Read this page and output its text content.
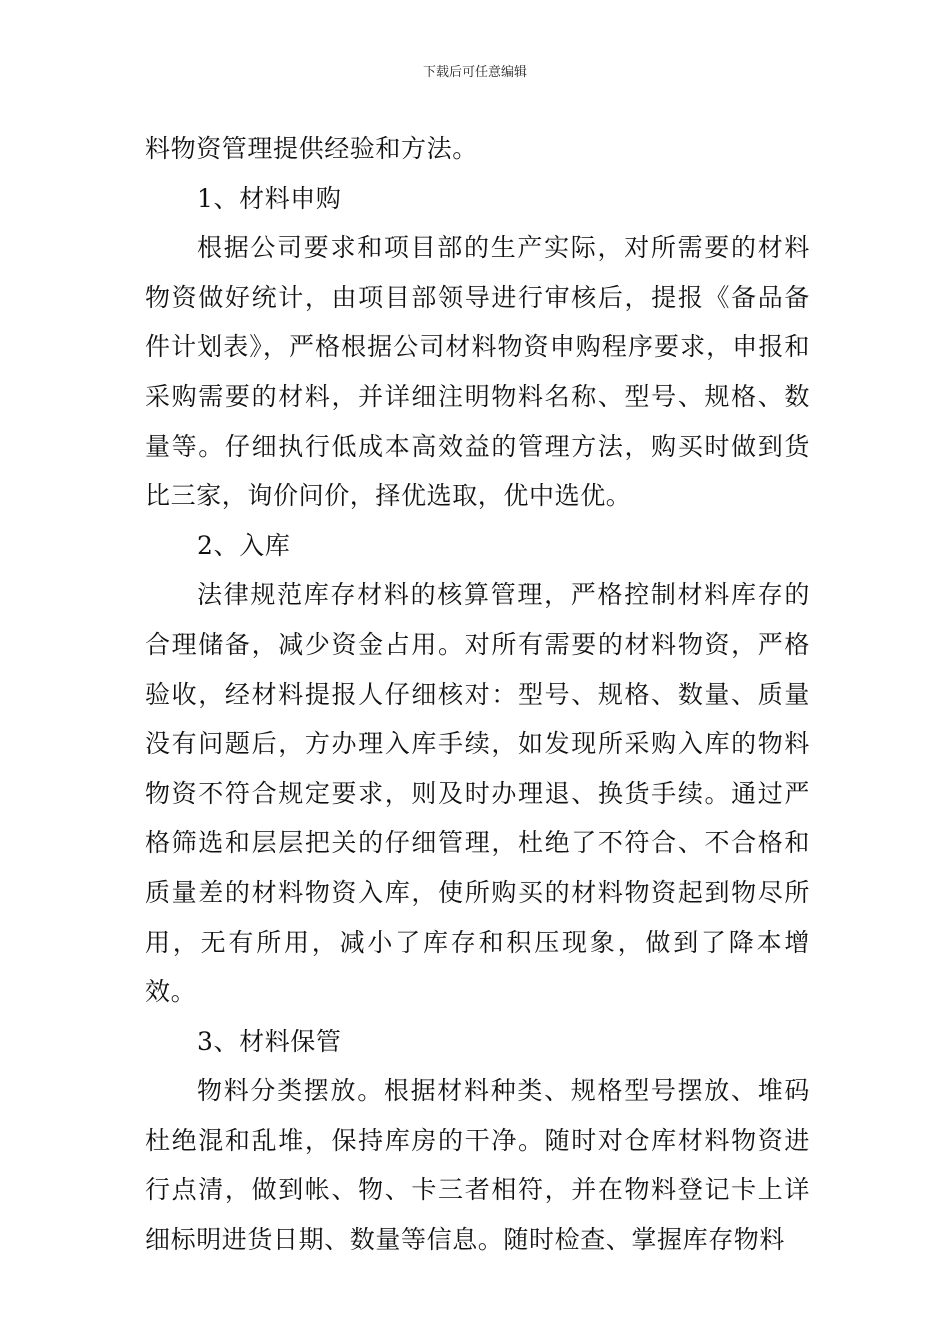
下载后可任意编辑

料物资管理提供经验和方法。

1、材料申购

根据公司要求和项目部的生产实际，对所需要的材料物资做好统计，由项目部领导进行审核后，提报《备品备件计划表》，严格根据公司材料物资申购程序要求，申报和采购需要的材料，并详细注明物料名称、型号、规格、数量等。仔细执行低成本高效益的管理方法，购买时做到货比三家，询价问价，择优选取，优中选优。

2、入库

法律规范库存材料的核算管理，严格控制材料库存的合理储备，减少资金占用。对所有需要的材料物资，严格验收，经材料提报人仔细核对：型号、规格、数量、质量没有问题后，方办理入库手续，如发现所采购入库的物料物资不符合规定要求，则及时办理退、换货手续。通过严格筛选和层层把关的仔细管理，杜绝了不符合、不合格和质量差的材料物资入库，使所购买的材料物资起到物尽所用，无有所用，减小了库存和积压现象，做到了降本增效。

3、材料保管

物料分类摆放。根据材料种类、规格型号摆放、堆码杜绝混和乱堆，保持库房的干净。随时对仓库材料物资进行点清，做到帐、物、卡三者相符，并在物料登记卡上详细标明进货日期、数量等信息。随时检查、掌握库存物料
